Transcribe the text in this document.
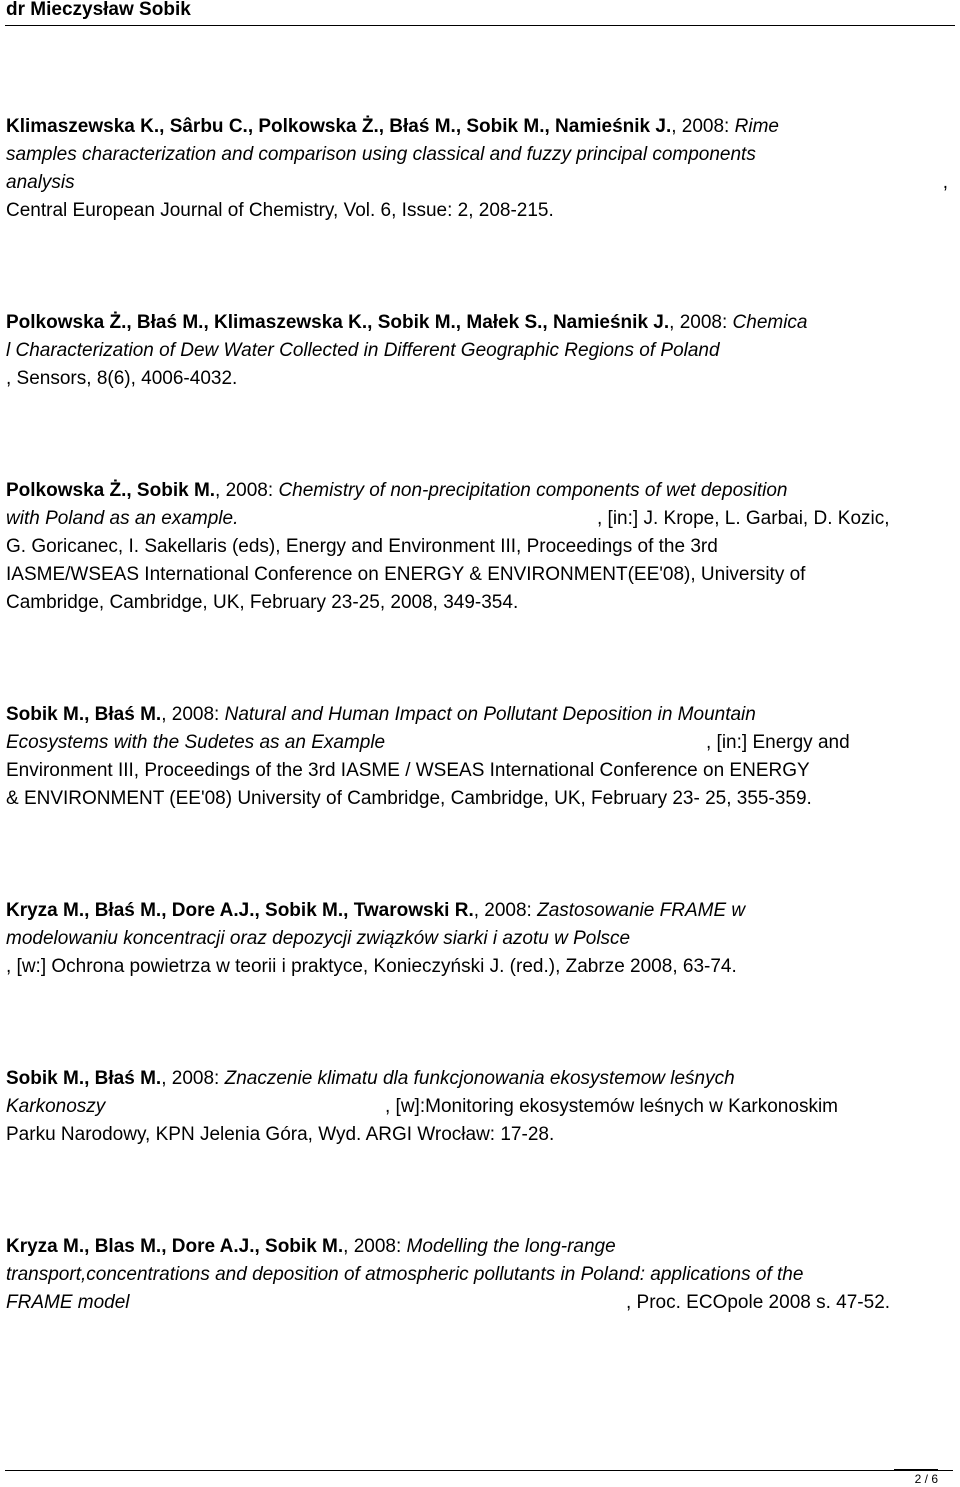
dr Mieczysław Sobik
Klimaszewska K., Sârbu C., Polkowska Ż., Błaś M., Sobik M., Namieśnik J., 2008: Rime
samples characterization and comparison using classical and fuzzy principal components
analysis	,
Central European Journal of Chemistry, Vol. 6, Issue: 2, 208-215.
Polkowska Ż., Błaś M., Klimaszewska K., Sobik M., Małek S., Namieśnik J., 2008: Chemica
l Characterization of Dew Water Collected in Different Geographic Regions of Poland
, Sensors, 8(6), 4006-4032.
Polkowska Ż., Sobik M., 2008: Chemistry of non-precipitation components of wet deposition
with Poland as an example.	, [in:] J. Krope, L. Garbai, D. Kozic,
G. Goricanec, I. Sakellaris (eds), Energy and Environment III, Proceedings of the 3rd
IASME/WSEAS International Conference on ENERGY & ENVIRONMENT(EE'08), University of
Cambridge, Cambridge, UK, February 23-25, 2008, 349-354.
Sobik M., Błaś M., 2008: Natural and Human Impact on Pollutant Deposition in Mountain
Ecosystems with the Sudetes as an Example	, [in:] Energy and
Environment III, Proceedings of the 3rd IASME / WSEAS International Conference on ENERGY
& ENVIRONMENT (EE'08) University of Cambridge, Cambridge, UK, February 23- 25, 355-359.
Kryza M., Błaś M., Dore A.J., Sobik M., Twarowski R., 2008: Zastosowanie FRAME w
modelowaniu koncentracji oraz depozycji związków siarki i azotu w Polsce
, [w:] Ochrona powietrza w teorii i praktyce, Konieczyński J. (red.), Zabrze 2008, 63-74.
Sobik M., Błaś M., 2008: Znaczenie klimatu dla funkcjonowania ekosystemow leśnych
Karkonoszy	, [w]:Monitoring ekosystemów leśnych w Karkonoskim
Parku Narodowy, KPN Jelenia Góra, Wyd. ARGI Wrocław: 17-28.
Kryza M., Blas M., Dore A.J., Sobik M., 2008: Modelling the long-range
transport,concentrations and deposition of atmospheric pollutants in Poland: applications of the
FRAME model	, Proc. ECOpole 2008 s. 47-52.
2 / 6
